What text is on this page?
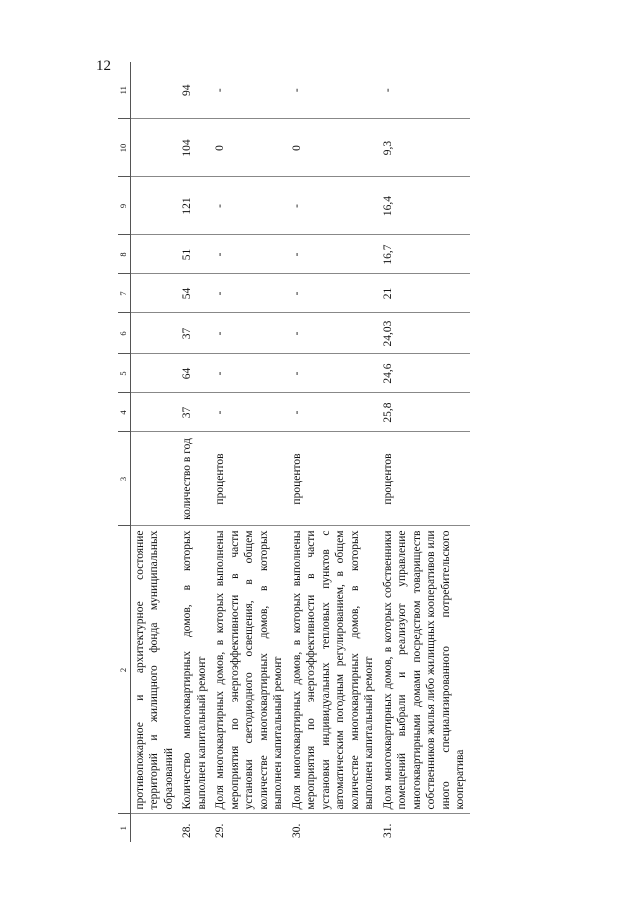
12
1	2	3	4	5	6	7	8	9	10	11
	противопожарное и архитектурное состояние территорий и жилищного фонда муниципальных образований									
28.	Количество многоквартирных домов, в которых выполнен капитальный ремонт	количество в год	37	64	37	54	51	121	104	94
29.	Доля многоквартирных домов, в которых выполнены мероприятия по энергоэффективности в части установки светодиодного освещения, в общем количестве многоквартирных домов, в которых выполнен капитальный ремонт	процентов	-	-	-	-	-	-	0	-
30.	Доля многоквартирных домов, в которых выполнены мероприятия по энергоэффективности в части установки индивидуальных тепловых пунктов с автоматическим погодным регулированием, в общем количестве многоквартирных домов, в которых выполнен капитальный ремонт	процентов	-	-	-	-	-	-	0	-
31.	Доля многоквартирных домов, в которых собственники помещений выбрали и реализуют управление многоквартирными домами посредством товариществ собственников жилья либо жилищных кооперативов или иного специализированного потребительского кооператива	процентов	25,8	24,6	24,03	21	16,7	16,4	9,3	-
